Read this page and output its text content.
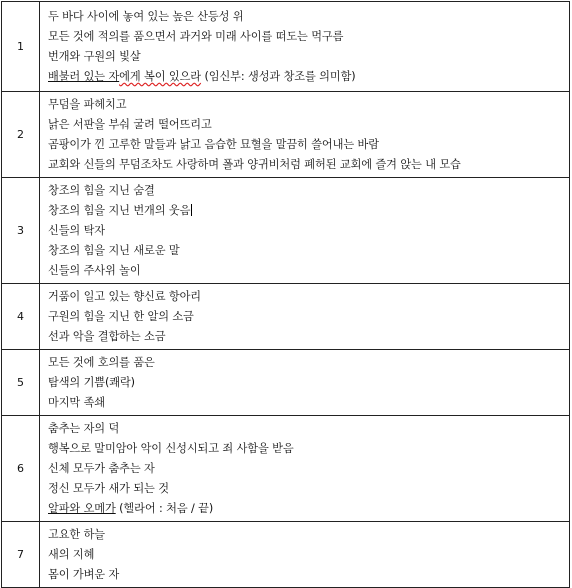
1	두 바다 사이에 놓여 있는 높은 산등성 위
모든 것에 적의를 품으면서 과거와 미래 사이를 떠도는 먹구름
번개와 구원의 빛살
배불러 있는 자에게 복이 있으라 (임신부: 생성과 창조를 의미함)

2	무덤을 파헤치고
낡은 서판을 부숴 굴려 떨어뜨리고
곰팡이가 낀 고루한 말들과 낡고 음습한 묘혈을 말끔히 쓸어내는 바람
교회와 신들의 무덤조차도 사랑하며 폴과 양귀비처럼 폐허된 교회에 즐겨 앉는 내 모습

3	창조의 힘을 지닌 숨결
창조의 힘을 지닌 번개의 웃음
신들의 탁자
창조의 힘을 지닌 새로운 말
신들의 주사위 놀이

4	거품이 일고 있는 향신료 항아리
구원의 힘을 지닌 한 알의 소금
선과 악을 결합하는 소금

5	모든 것에 호의를 품은
탐색의 기쁨(쾌락)
마지막 족쇄

6	춤추는 자의 덕
행복으로 말미암아 악이 신성시되고 죄 사함을 받음
신체 모두가 춤추는 자
정신 모두가 새가 되는 것
알파와 오메가 (헬라어 : 처음 / 끝)

7	고요한 하늘
새의 지혜
몸이 가벼운 자
